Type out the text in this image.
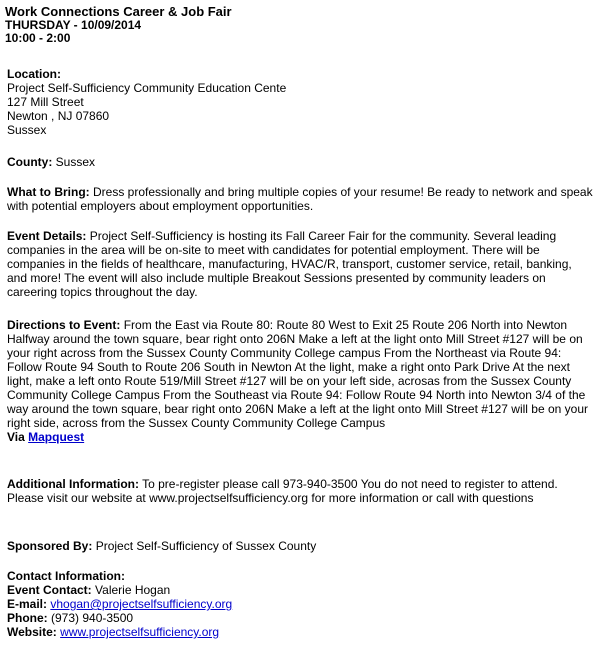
Work Connections Career & Job Fair
THURSDAY - 10/09/2014
10:00 - 2:00
Location:
Project Self-Sufficiency Community Education Cente
127 Mill Street
Newton , NJ 07860
Sussex
County: Sussex
What to Bring: Dress professionally and bring multiple copies of your resume! Be ready to network and speak with potential employers about employment opportunities.
Event Details: Project Self-Sufficiency is hosting its Fall Career Fair for the community. Several leading companies in the area will be on-site to meet with candidates for potential employment. There will be companies in the fields of healthcare, manufacturing, HVAC/R, transport, customer service, retail, banking, and more! The event will also include multiple Breakout Sessions presented by community leaders on careering topics throughout the day.
Directions to Event: From the East via Route 80: Route 80 West to Exit 25 Route 206 North into Newton Halfway around the town square, bear right onto 206N Make a left at the light onto Mill Street #127 will be on your right across from the Sussex County Community College campus From the Northeast via Route 94: Follow Route 94 South to Route 206 South in Newton At the light, make a right onto Park Drive At the next light, make a left onto Route 519/Mill Street #127 will be on your left side, acrosas from the Sussex County Community College Campus From the Southeast via Route 94: Follow Route 94 North into Newton 3/4 of the way around the town square, bear right onto 206N Make a left at the light onto Mill Street #127 will be on your right side, across from the Sussex County Community College Campus
Via Mapquest
Additional Information: To pre-register please call 973-940-3500 You do not need to register to attend. Please visit our website at www.projectselfsufficiency.org for more information or call with questions
Sponsored By: Project Self-Sufficiency of Sussex County
Contact Information:
Event Contact: Valerie Hogan
E-mail: vhogan@projectselfsufficiency.org
Phone: (973) 940-3500
Website: www.projectselfsufficiency.org
